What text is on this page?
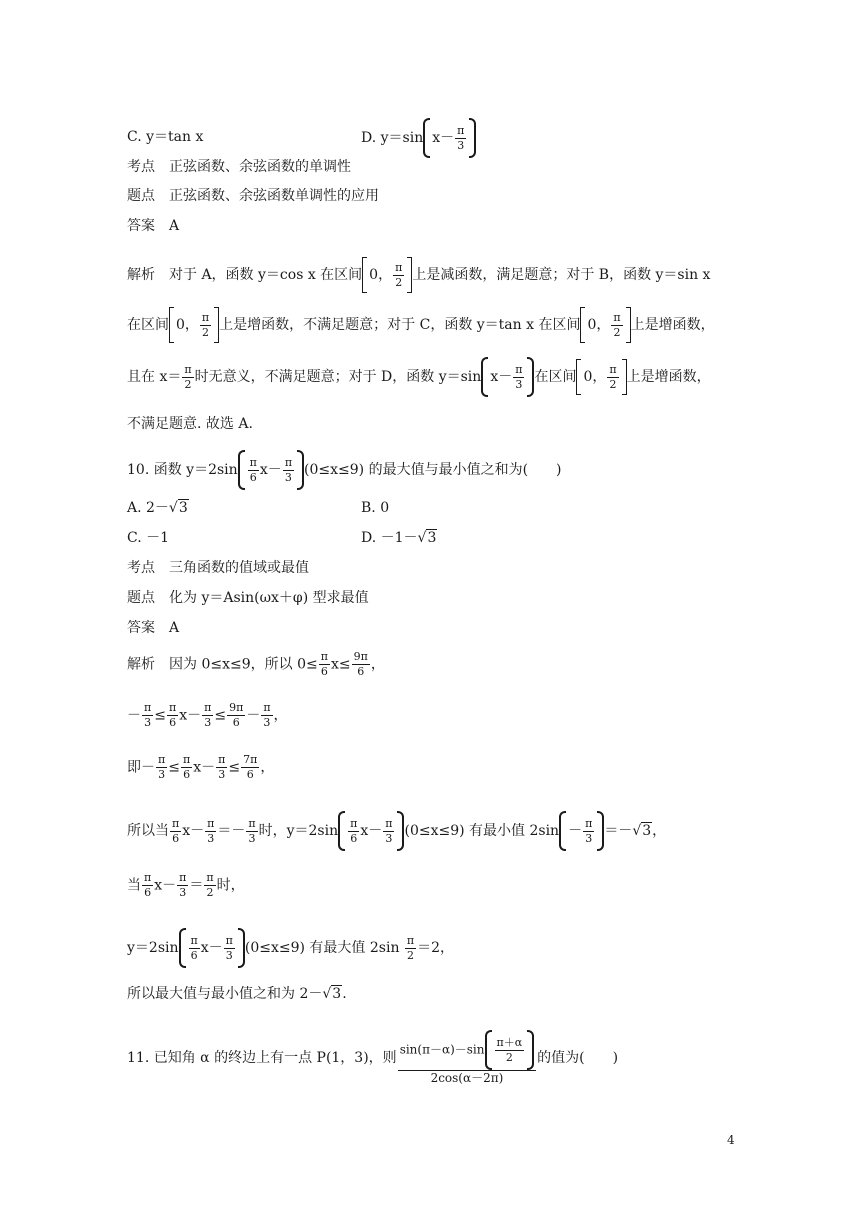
C. y＝tan x	D. y＝sin $x- \frac{\pi}{3}$
考点　 正弦函数、余弦函数的单调性
题点　 正弦函数、余弦函数单调性的应用
答案　 A
解析　 对于 A，函数 y＝cos x 在区间 0， $\frac{\pi}{2}$ 上是减函数，满足题意；对于 B，函数 y＝sin x
在区间 0， $\frac{\pi}{2}$ 上是增函数，不满足题意；对于 C，函数 y＝tan x 在区间 0， $\frac{\pi}{2}$ 上是增函数，
且在 $x= \frac{\pi}{2}$ 时无意义，不满足题意；对于 D，函数 y＝sin $x- \frac{\pi}{3}$ 在区间 0， $\frac{\pi}{2}$ 上是增函数，
不满足题意. 故选 A.
10. 函数 $y=2\sin \frac{\pi}{6} x- \frac{\pi}{3} (0\le x\le 9)$ 的最大值与最小值之和为(　　)
A. 2－ √ 3	B. 0
C. －1	D. －1－ √ 3
考点　 三角函数的值域或最值
题点　 化为 y＝Asin(ωx＋φ) 型求最值
答案　 A
解析　 因为 0≤x≤9，所以 $0\le \frac{\pi}{6} x\le \frac{9\pi}{6}$ ，
－ $\frac{\pi}{3} \le \frac{\pi}{6} x- \frac{\pi}{3} \le \frac{9\pi}{6} - \frac{\pi}{3}$ ，
即－ $\frac{\pi}{3} \le \frac{\pi}{6} x- \frac{\pi}{3} \le \frac{7\pi}{6}$ ，
所以当 $\frac{\pi}{6} x- \frac{\pi}{3} =- \frac{\pi}{3}$ 时，$y=2\sin \frac{\pi}{6} x- \frac{\pi}{3} (0\le x\le 9)$ 有最小值 $2\sin - \frac{\pi}{3}$ ＝－ √ 3，
当 $\frac{\pi}{6} x- \frac{\pi}{3} = \frac{\pi}{2}$ 时，
$y=2\sin \frac{\pi}{6} x- \frac{\pi}{3} (0\le x\le 9)$ 有最大值 $2\sin \frac{\pi}{2} =2$，
所以最大值与最小值之和为 2－ √ 3.
11. 已知角 α 的终边上有一点 P(1，3)，则 $\frac{\sin(\pi-\alpha)-\sin \frac{\pi+\alpha}{2}}{2\cos(\alpha-2\pi)}$ 的值为(　　)
4
